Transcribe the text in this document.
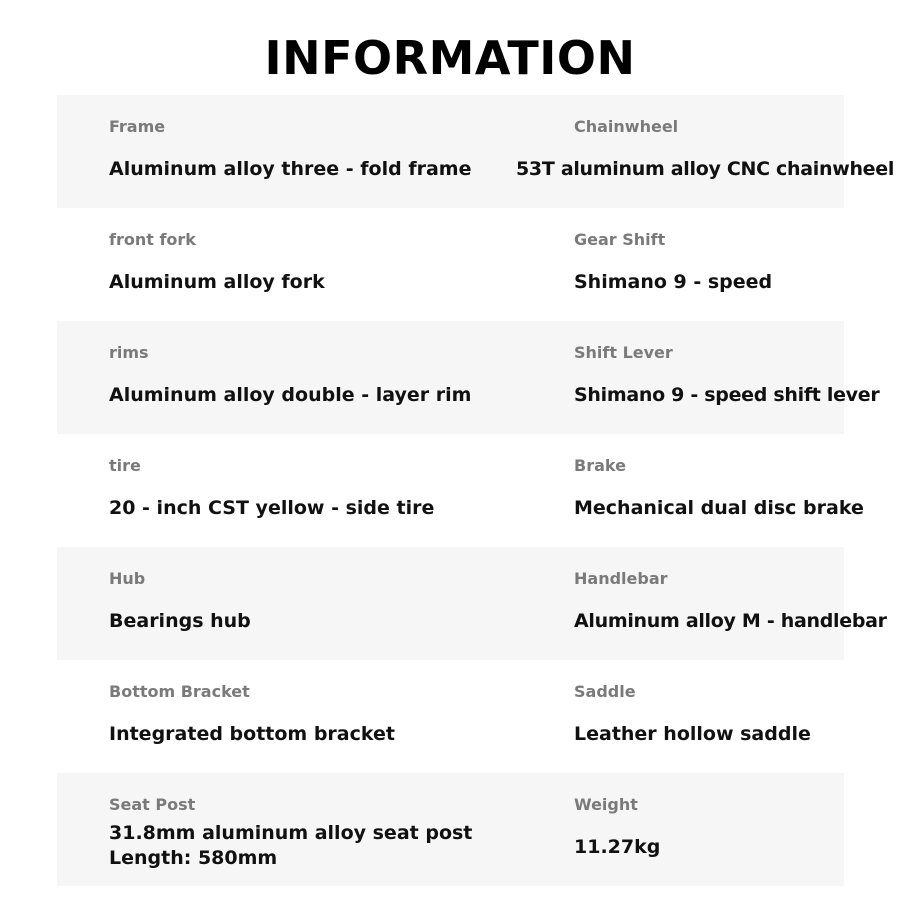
INFORMATION
Frame
Aluminum alloy three - fold frame
Chainwheel
53T aluminum alloy CNC chainwheel
front fork
Aluminum alloy fork
Gear Shift
Shimano 9 - speed
rims
Aluminum alloy double - layer rim
Shift Lever
Shimano 9 - speed shift lever
tire
20 - inch CST yellow - side tire
Brake
Mechanical dual disc brake
Hub
Bearings hub
Handlebar
Aluminum alloy M - handlebar
Bottom Bracket
Integrated bottom bracket
Saddle
Leather hollow saddle
Seat Post
31.8mm aluminum alloy seat post
Length: 580mm
Weight
11.27kg
